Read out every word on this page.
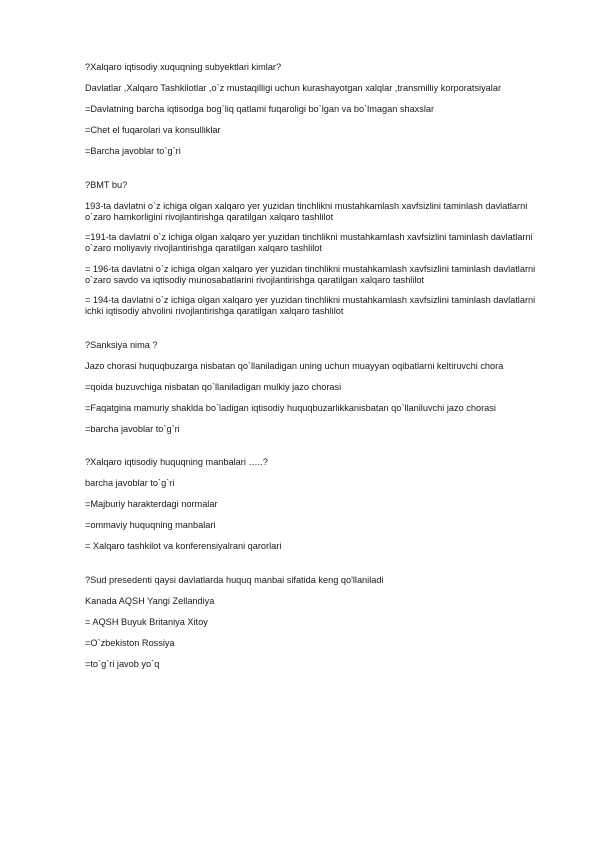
?Xalqaro iqtisodiy xuquqning subyektlari kimlar?

Davlatlar ,Xalqaro Tashkilotlar ,o`z mustaqilligi uchun kurashayotgan xalqlar ,transmilliy korporatsiyalar

=Davlatning barcha iqtisodga bog`liq qatlami fuqaroligi bo`lgan va bo`lmagan shaxslar

=Chet el fuqarolari va konsulliklar

=Barcha javoblar to`g`ri

?BMT bu?

193-ta davlatni o`z ichiga olgan xalqaro yer yuzidan tinchlikni mustahkamlash xavfsizlini taminlash davlatlarni o`zaro hamkorligini rivojlantirishga qaratilgan xalqaro tashlilot

=191-ta davlatni o`z ichiga olgan xalqaro yer yuzidan tinchlikni mustahkamlash xavfsizlini taminlash davlatlarni o`zaro moliyaviy rivojlantirishga qaratilgan xalqaro tashlilot

= 196-ta davlatni o`z ichiga olgan xalqaro yer yuzidan tinchlikni mustahkamlash xavfsizlini taminlash davlatlarni o`zaro savdo va iqtisodiy munosabatlarini rivojlantirishga qaratilgan xalqaro tashlilot

= 194-ta davlatni o`z ichiga olgan xalqaro yer yuzidan tinchlikni mustahkamlash xavfsizlini taminlash davlatlarni ichki iqtisodiy ahvolini rivojlantirishga qaratilgan xalqaro tashlilot

?Sanksiya nima ?

Jazo chorasi huquqbuzarga nisbatan qo`llaniladigan uning uchun muayyan oqibatlarni keltiruvchi chora

=qoida buzuvchiga nisbatan qo`llaniladigan mulkiy jazo chorasi

=Faqatgina mamuriy shaklda bo`ladigan iqtisodiy huquqbuzarlikkanisbatan qo`llaniluvchi jazo chorasi

=barcha javoblar to`g`ri

?Xalqaro iqtisodiy huquqning manbalari …..?

barcha javoblar to`g`ri

=Majburiy harakterdagi normalar

=ommaviy huquqning manbalari

= Xalqaro tashkilot va konferensiyalrani qarorlari

?Sud presedenti qaysi davlatlarda huquq manbai sifatida keng qo'llaniladi

Kanada AQSH Yangi Zellandiya

= AQSH Buyuk Britaniya Xitoy

=O`zbekiston Rossiya

=to`g`ri javob yo`q
